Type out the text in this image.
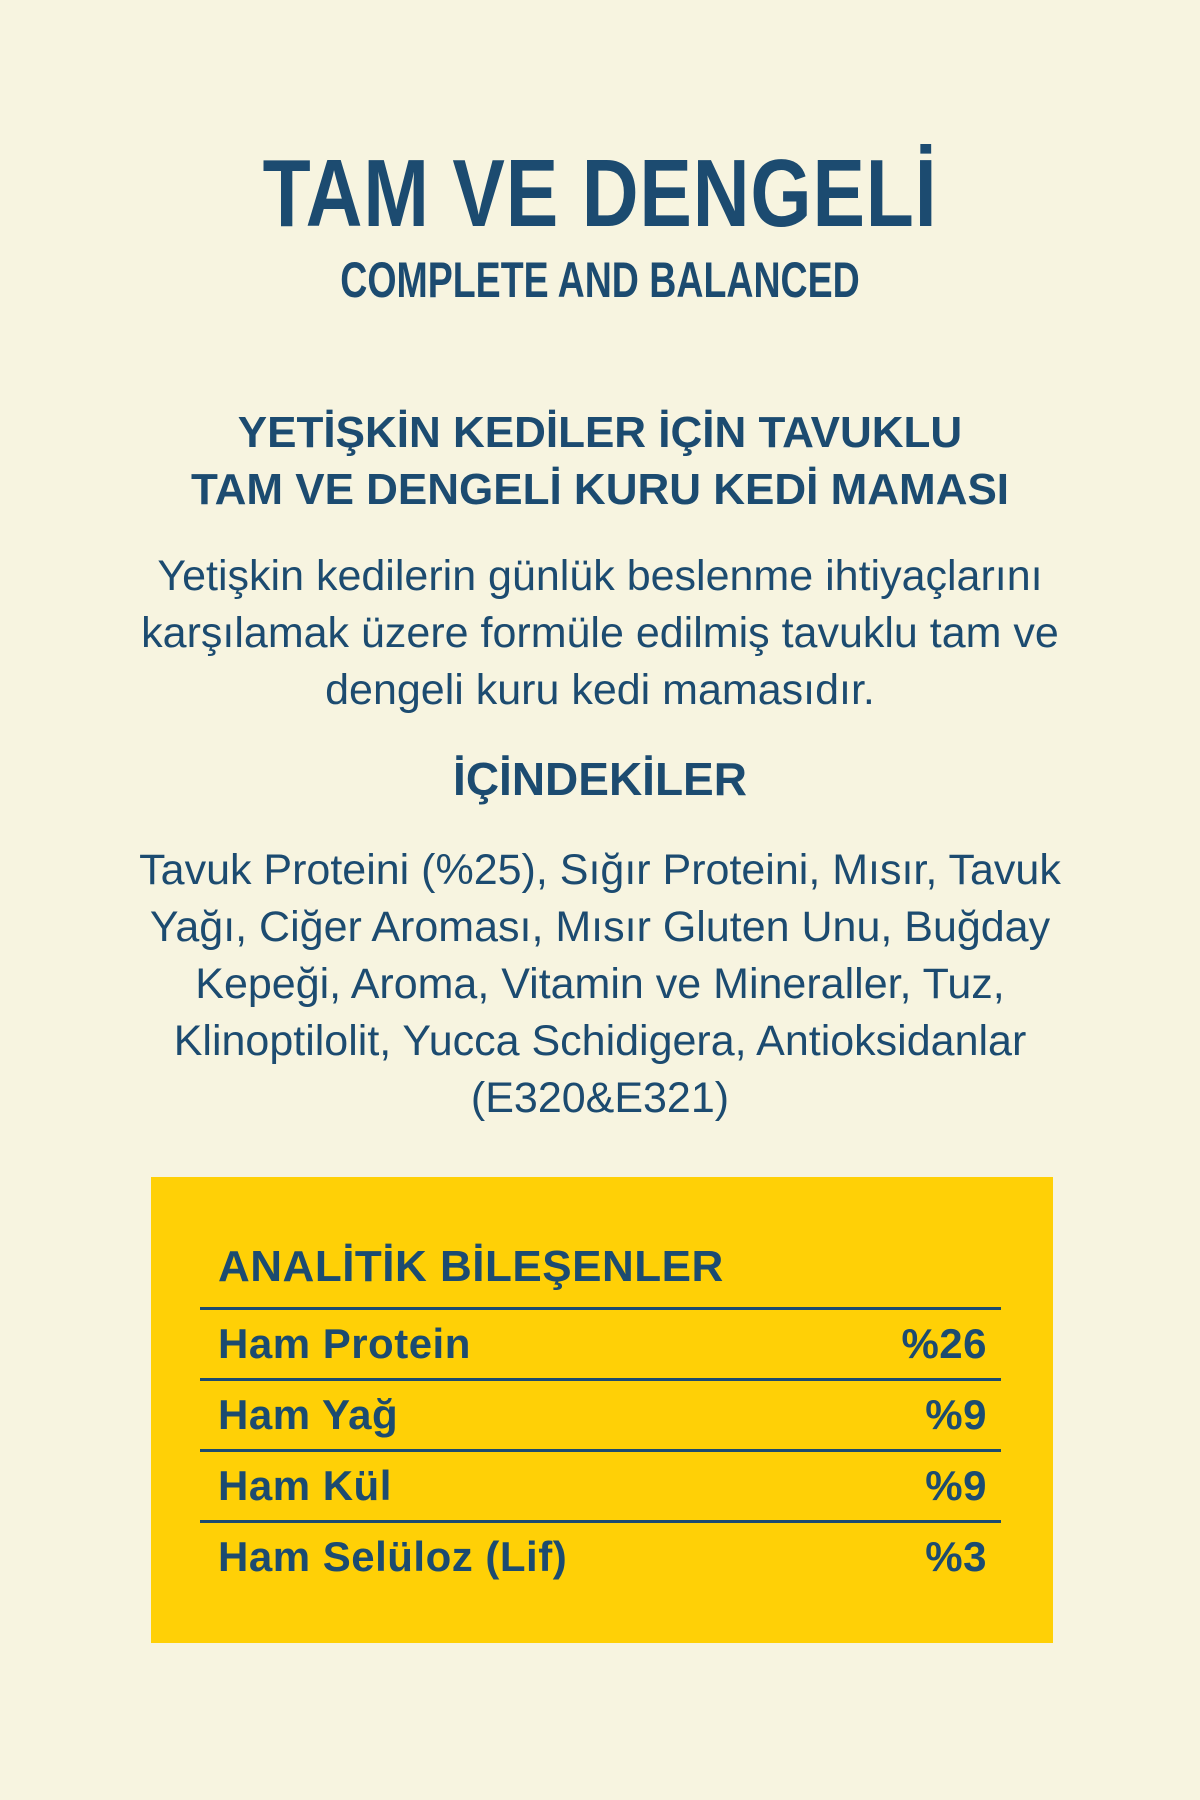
TAM VE DENGELİ
COMPLETE AND BALANCED
YETİŞKİN KEDİLER İÇİN TAVUKLU
TAM VE DENGELİ KURU KEDİ MAMASI
Yetişkin kedilerin günlük beslenme ihtiyaçlarını karşılamak üzere formüle edilmiş tavuklu tam ve dengeli kuru kedi mamasıdır.
İÇİNDEKİLER
Tavuk Proteini (%25), Sığır Proteini, Mısır, Tavuk Yağı, Ciğer Aroması, Mısır Gluten Unu, Buğday Kepeği, Aroma, Vitamin ve Mineraller, Tuz, Klinoptilolit, Yucca Schidigera, Antioksidanlar (E320&E321)
ANALİTİK BİLEŞENLER
Ham Protein	%26
Ham Yağ	%9
Ham Kül	%9
Ham Selüloz (Lif)	%3
